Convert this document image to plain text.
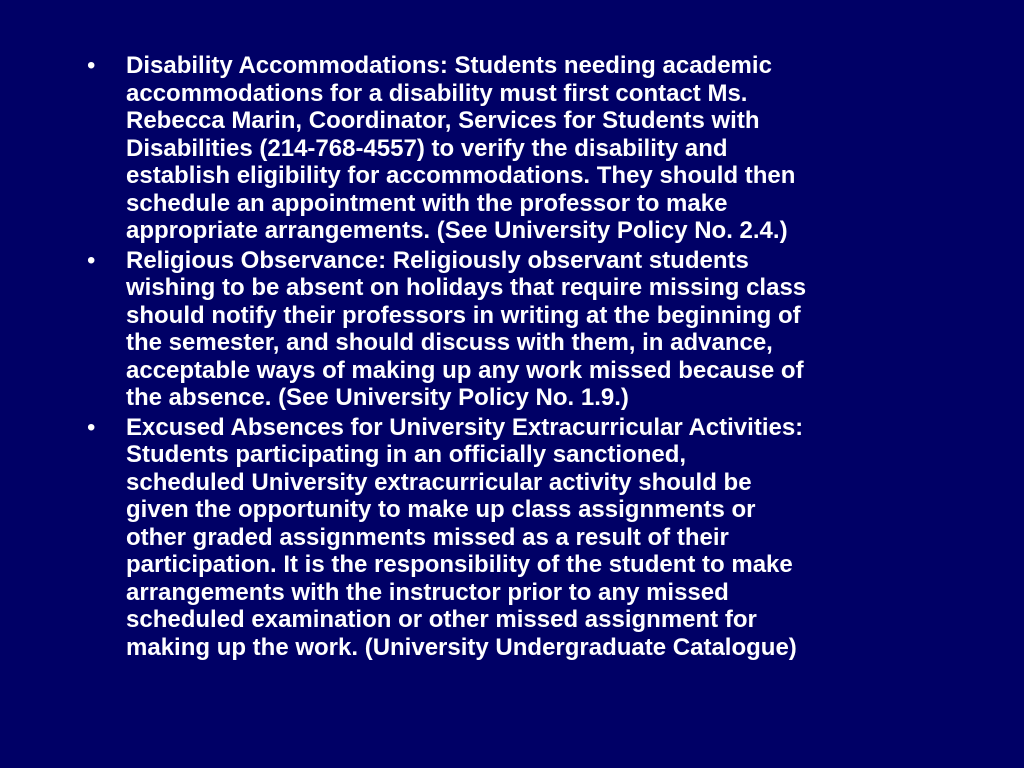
•	Disability Accommodations: Students needing academic
accommodations for a disability must first contact Ms.
Rebecca Marin, Coordinator, Services for Students with
Disabilities (214-768-4557) to verify the disability and
establish eligibility for accommodations. They should then
schedule an appointment with the professor to make
appropriate arrangements. (See University Policy No. 2.4.)
•	Religious Observance: Religiously observant students
wishing to be absent on holidays that require missing class
should notify their professors in writing at the beginning of
the semester, and should discuss with them, in advance,
acceptable ways of making up any work missed because of
the absence. (See University Policy No. 1.9.)
•	Excused Absences for University Extracurricular Activities:
Students participating in an officially sanctioned,
scheduled University extracurricular activity should be
given the opportunity to make up class assignments or
other graded assignments missed as a result of their
participation. It is the responsibility of the student to make
arrangements with the instructor prior to any missed
scheduled examination or other missed assignment for
making up the work. (University Undergraduate Catalogue)
